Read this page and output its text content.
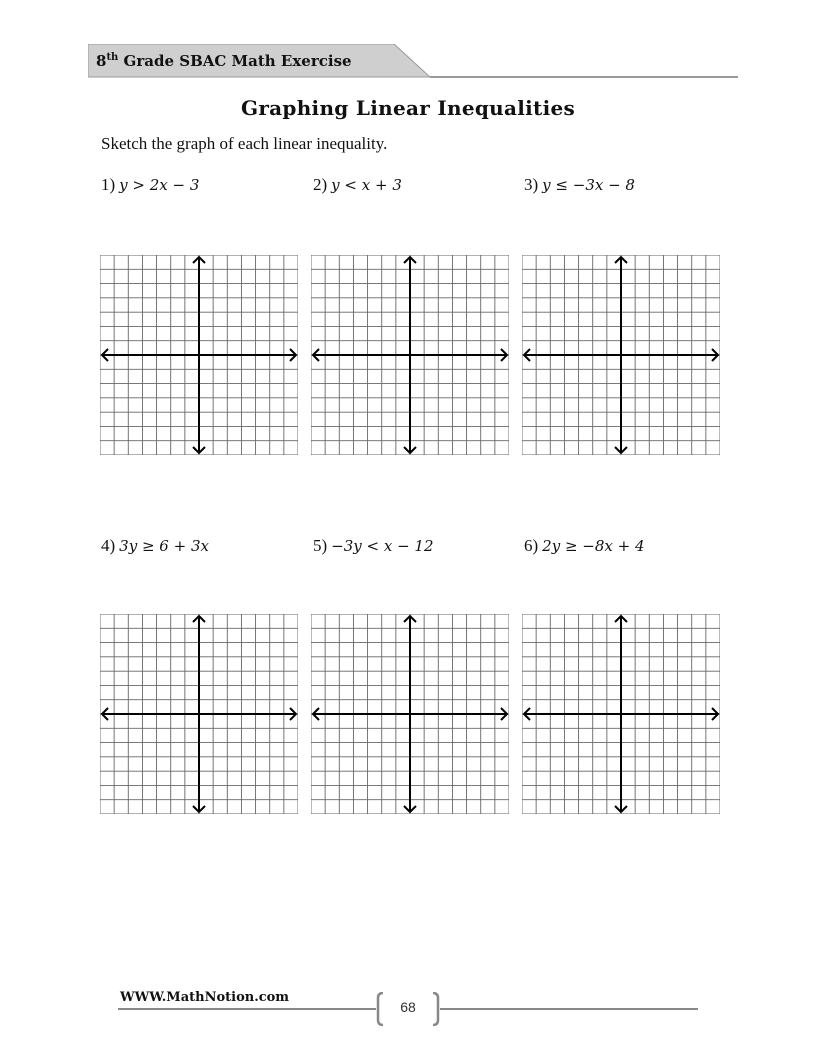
8th Grade SBAC Math Exercise
Graphing Linear Inequalities
Sketch the graph of each linear inequality.
1) y > 2x − 3	2) y < x + 3	3) y ≤ −3x − 8
4) 3y ≥ 6 + 3x	5) −3y < x − 12	6) 2y ≥ −8x + 4
WWW.MathNotion.com
68
